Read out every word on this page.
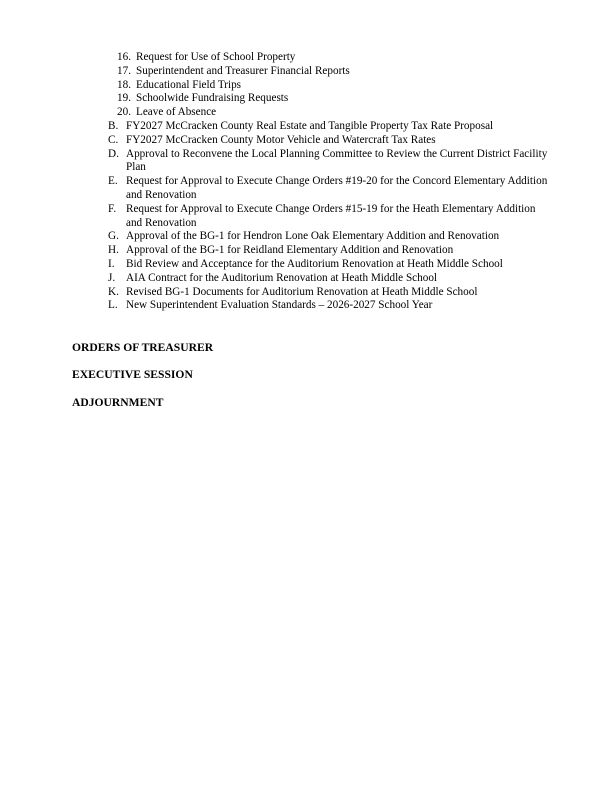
16. Request for Use of School Property
17. Superintendent and Treasurer Financial Reports
18. Educational Field Trips
19. Schoolwide Fundraising Requests
20. Leave of Absence
B. FY2027 McCracken County Real Estate and Tangible Property Tax Rate Proposal
C. FY2027 McCracken County Motor Vehicle and Watercraft Tax Rates
D. Approval to Reconvene the Local Planning Committee to Review the Current District Facility Plan
E. Request for Approval to Execute Change Orders #19-20 for the Concord Elementary Addition and Renovation
F. Request for Approval to Execute Change Orders #15-19 for the Heath Elementary Addition and Renovation
G. Approval of the BG-1 for Hendron Lone Oak Elementary Addition and Renovation
H. Approval of the BG-1 for Reidland Elementary Addition and Renovation
I.	Bid Review and Acceptance for the Auditorium Renovation at Heath Middle School
J. AIA Contract for the Auditorium Renovation at Heath Middle School
K. Revised BG-1 Documents for Auditorium Renovation at Heath Middle School
L. New Superintendent Evaluation Standards – 2026-2027 School Year
ORDERS OF TREASURER
EXECUTIVE SESSION
ADJOURNMENT
